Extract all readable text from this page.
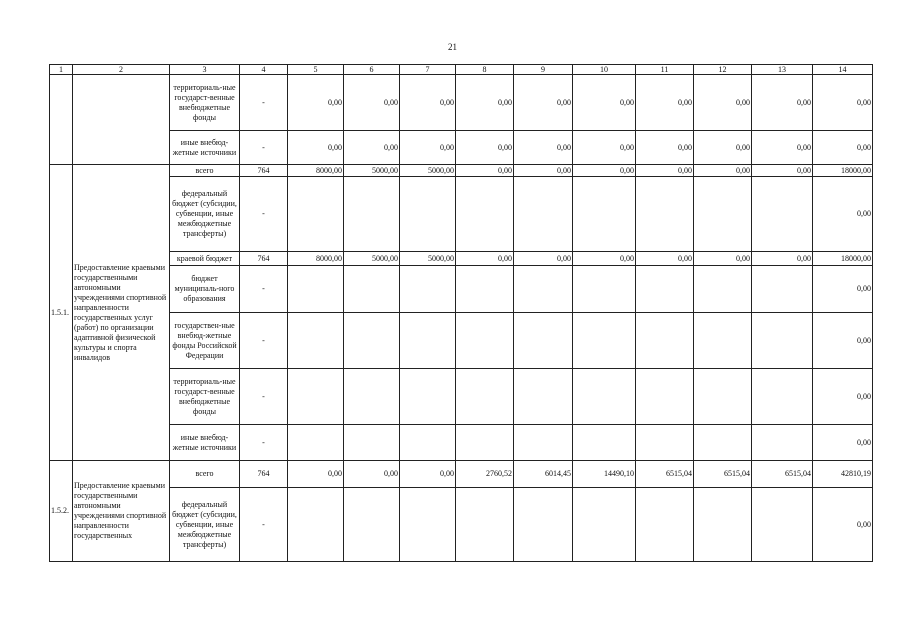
21
1	2	3	4	5	6	7	8	9	10	11	12	13	14
		территориаль-ные государст-венные внебюджетные фонды	-	0,00	0,00	0,00	0,00	0,00	0,00	0,00	0,00	0,00	0,00
		иные внебюд-жетные источники	-	0,00	0,00	0,00	0,00	0,00	0,00	0,00	0,00	0,00	0,00
1.5.1.	Предоставление краевыми государственными автономными учреждениями спортивной направленности государственных услуг (работ) по организации адаптивной физической культуры и спорта инвалидов	всего	764	8000,00	5000,00	5000,00	0,00	0,00	0,00	0,00	0,00	0,00	18000,00
		федеральный бюджет (субсидии, субвенции, иные межбюджетные трансферты)	-										0,00
		краевой бюджет	764	8000,00	5000,00	5000,00	0,00	0,00	0,00	0,00	0,00	0,00	18000,00
		бюджет муниципаль-ного образования	-										0,00
		государствен-ные внебюд-жетные фонды Российской Федерации	-										0,00
		территориаль-ные государст-венные внебюджетные фонды	-										0,00
		иные внебюд-жетные источники	-										0,00
1.5.2.	Предоставление краевыми государственными автономными учреждениями спортивной направленности государственных	всего	764	0,00	0,00	0,00	2760,52	6014,45	14490,10	6515,04	6515,04	6515,04	42810,19
		федеральный бюджет (субсидии, субвенции, иные межбюджетные трансферты)	-										0,00
